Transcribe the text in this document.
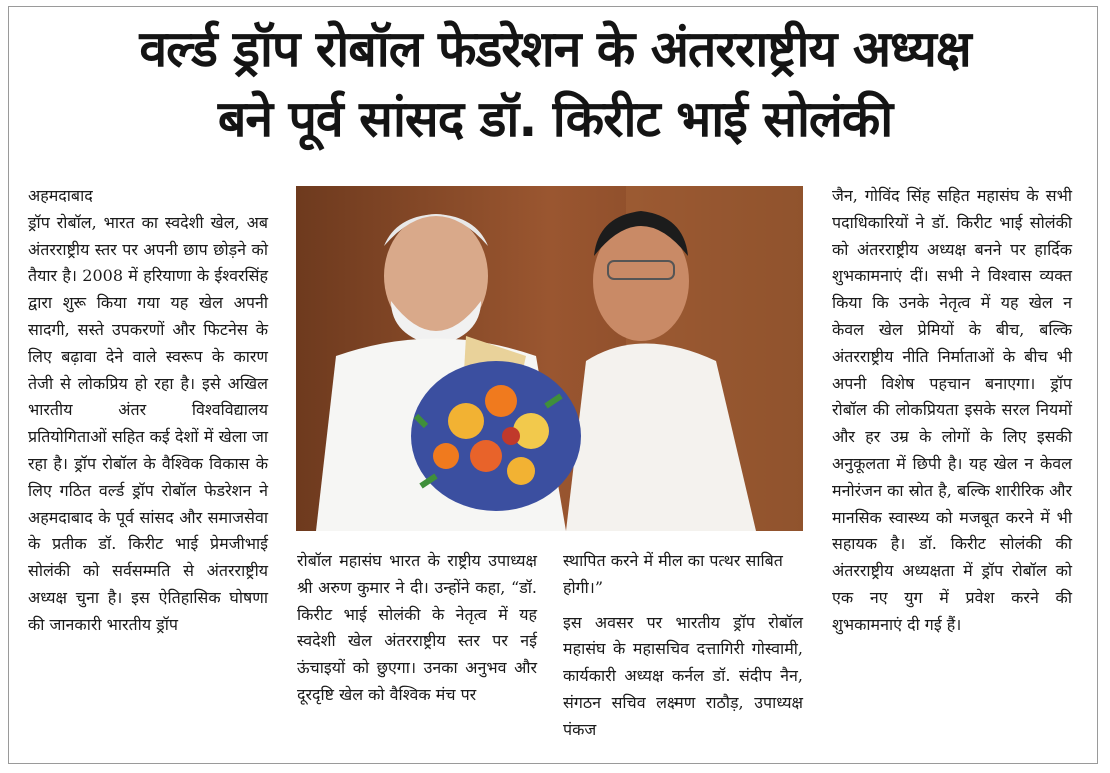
वर्ल्ड ड्रॉप रोबॉल फेडरेशन के अंतरराष्ट्रीय अध्यक्ष
बने पूर्व सांसद डॉ. किरीट भाई सोलंकी
अहमदाबाद

ड्रॉप रोबॉल, भारत का स्वदेशी खेल, अब अंतरराष्ट्रीय स्तर पर अपनी छाप छोड़ने को तैयार है। 2008 में हरियाणा के ईश्वरसिंह द्वारा शुरू किया गया यह खेल अपनी सादगी, सस्ते उपकरणों और फिटनेस के लिए बढ़ावा देने वाले स्वरूप के कारण तेजी से लोकप्रिय हो रहा है। इसे अखिल भारतीय अंतर विश्वविद्यालय प्रतियोगिताओं सहित कई देशों में खेला जा रहा है। ड्रॉप रोबॉल के वैश्विक विकास के लिए गठित वर्ल्ड ड्रॉप रोबॉल फेडरेशन ने अहमदाबाद के पूर्व सांसद और समाजसेवा के प्रतीक डॉ. किरीट भाई प्रेमजीभाई सोलंकी को सर्वसम्मति से अंतरराष्ट्रीय अध्यक्ष चुना है। इस ऐतिहासिक घोषणा की जानकारी भारतीय ड्रॉप

रोबॉल महासंघ भारत के राष्ट्रीय उपाध्यक्ष श्री अरुण कुमार ने दी। उन्होंने कहा, “डॉ. किरीट भाई सोलंकी के नेतृत्व में यह स्वदेशी खेल अंतरराष्ट्रीय स्तर पर नई ऊंचाइयों को छुएगा। उनका अनुभव और दूरदृष्टि खेल को वैश्विक मंच पर

स्थापित करने में मील का पत्थर साबित होगी।”

इस अवसर पर भारतीय ड्रॉप रोबॉल महासंघ के महासचिव दत्तागिरी गोस्वामी, कार्यकारी अध्यक्ष कर्नल डॉ. संदीप नैन, संगठन सचिव लक्ष्मण राठौड़, उपाध्यक्ष पंकज

जैन, गोविंद सिंह सहित महासंघ के सभी पदाधिकारियों ने डॉ. किरीट भाई सोलंकी को अंतरराष्ट्रीय अध्यक्ष बनने पर हार्दिक शुभकामनाएं दीं। सभी ने विश्वास व्यक्त किया कि उनके नेतृत्व में यह खेल न केवल खेल प्रेमियों के बीच, बल्कि अंतरराष्ट्रीय नीति निर्माताओं के बीच भी अपनी विशेष पहचान बनाएगा। ड्रॉप रोबॉल की लोकप्रियता इसके सरल नियमों और हर उम्र के लोगों के लिए इसकी अनुकूलता में छिपी है। यह खेल न केवल मनोरंजन का स्रोत है, बल्कि शारीरिक और मानसिक स्वास्थ्य को मजबूत करने में भी सहायक है। डॉ. किरीट सोलंकी की अंतरराष्ट्रीय अध्यक्षता में ड्रॉप रोबॉल को एक नए युग में प्रवेश करने की शुभकामनाएं दी गई हैं।
